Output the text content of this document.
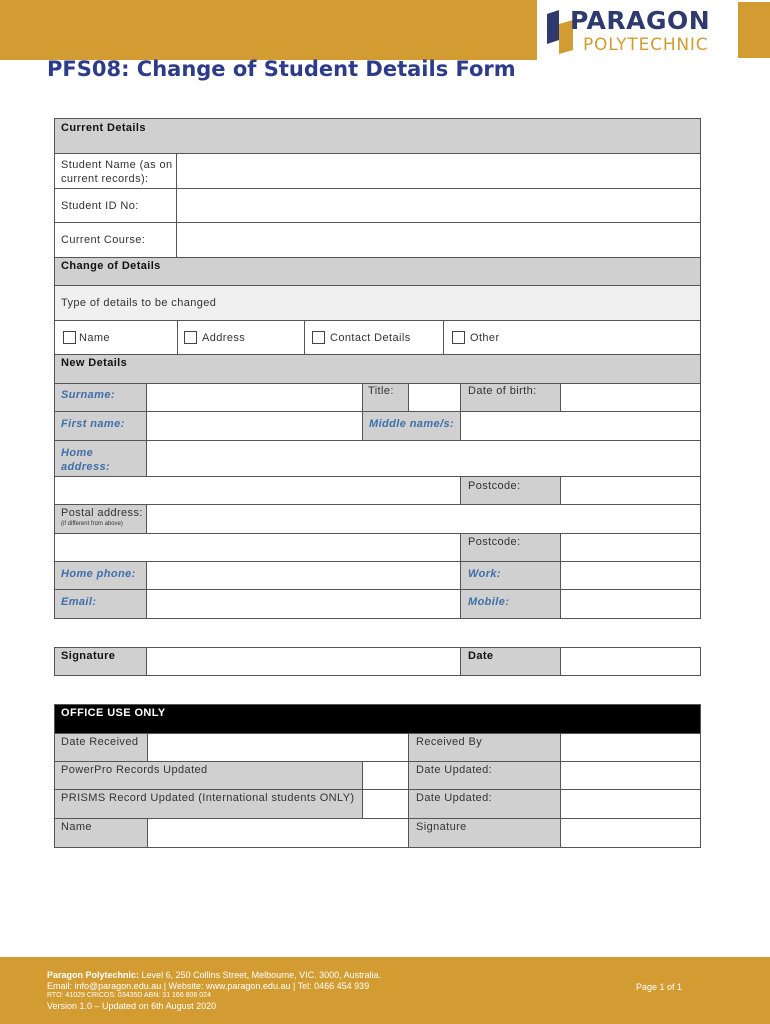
PARAGON
POLYTECHNIC
PFS08: Change of Student Details Form
Current Details
Student Name (as on current records):
Student ID No:
Current Course:
Change of Details
Type of details to be changed
Name	Address	Contact Details	Other
New Details
Surname:	Title:	Date of birth:
First name:	Middle name/s:
Home address:
Postcode:
Postal address:
(if different from above)
Postcode:
Home phone:	Work:
Email:	Mobile:
Signature	Date
OFFICE USE ONLY
Date Received	Received By
PowerPro Records Updated	Date Updated:
PRISMS Record Updated (International students ONLY)	Date Updated:
Name	Signature
Paragon Polytechnic: Level 6, 250 Collins Street, Melbourne, VIC. 3000, Australia.
Email: info@paragon.edu.au | Website: www.paragon.edu.au | Tel: 0466 454 939
RTO: 41029 CRICOS: 03435D ABN: 31 166 806 024
Version 1.0 – Updated on 6th August 2020
Page 1 of 1
